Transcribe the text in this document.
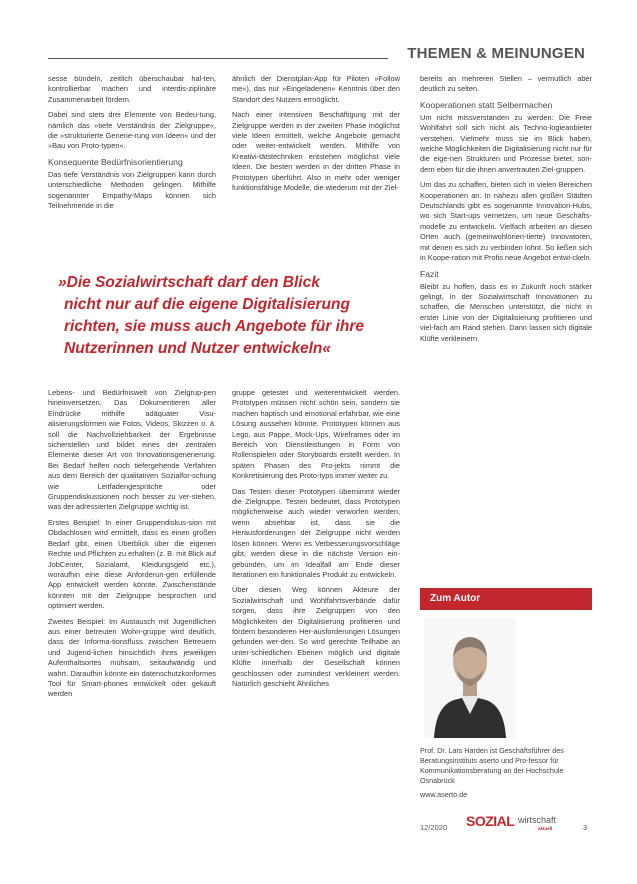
THEMEN & MEINUNGEN

sesse bündeln, zeitlich überschaubar hal-ten, kontrollierbar machen und interdis-ziplinäre Zusammenarbeit fördern.

Dabei sind stets drei Elemente von Bedeu-tung, nämlich das »tiefe Verständnis der Zielgruppe«, die »strukturierte Generie-rung von Ideen« und der »Bau von Proto-typen«.

Konsequente Bedürfnisorientierung

Das tiefe Verständnis von Zielgruppen kann durch unterschiedliche Methoden gelingen. Mithilfe sogenannter Empathy-Maps können sich Teilnehmende in die

ähnlich der Dienstplan-App für Piloten »Follow me«), das nur »Eingeladenen« Kenntnis über den Standort des Nutzers ermöglicht.

Nach einer intensiven Beschäftigung mit der Zielgruppe werden in der zweiten Phase möglichst viele Ideen ermittelt, welche Angebote gemacht oder weiter-entwickelt werden. Mithilfe von Kreativi-tätstechniken entstehen möglichst viele Ideen. Die besten werden in der dritten Phase in Prototypen überführt. Also in mehr oder weniger funktionsfähige Modelle, die wiederum mit der Ziel-

bereits an mehreren Stellen – vermutlich aber deutlich zu selten.

Kooperationen statt Selbermachen

Um nicht missverstanden zu werden: Die Freie Wohlfahrt soll sich nicht als Techno-logieanbieter verstehen. Vielmehr muss sie im Blick haben, welche Möglichkeiten die Digitalisierung nicht nur für die eige-nen Strukturen und Prozesse bietet, son-dern eben für die ihnen anvertrauten Ziel-gruppen.

Um das zu schaffen, bieten sich in vielen Bereichen Kooperationen an. In nahezu allen großen Städten Deutschlands gibt es sogenannte Innovation-Hubs, wo sich Start-ups vernetzen, um neue Geschäfts-modelle zu entwickeln. Vielfach arbeiten an diesen Orten auch (gemeinwohlorien-tierte) Innovatoren, mit denen es sich zu verbinden lohnt. So ließen sich in Koope-ration mit Profis neue Angebot entwi-ckeln.

Fazit

Bleibt zu hoffen, dass es in Zukunft noch stärker gelingt, in der Sozialwirtschaft Innovationen zu schaffen, die Menschen unterstützt, die nicht in erster Linie von der Digitalisierung profitieren und viel-fach am Rand stehen. Dann lassen sich digitale Klüfte verkleinern.

»Die Sozialwirtschaft darf den Blick
nicht nur auf die eigene Digitalisierung
richten, sie muss auch Angebote für ihre
Nutzerinnen und Nutzer entwickeln«

Lebens- und Bedürfniswelt von Zielgrup-pen hineinversetzen. Das Dokumentieren aller Eindrücke mithilfe adäquater Visu-alisierungsformen wie Fotos, Videos, Skizzen o. ä. soll die Nachvollziehbarkeit der Ergebnisse sicherstellen und bildet eines der zentralen Elemente dieser Art von Innovationsgenerierung. Bei Bedarf helfen noch tiefergehende Verfahren aus dem Bereich der qualitativen Sozialfor-schung wie Leitfadengespräche oder Gruppendiskussionen noch besser zu ver-stehen, was der adressierten Zielgruppe wichtig ist.

Erstes Beispiel: In einer Gruppendiskus-sion mit Obdachlosen wird ermittelt, dass es einen großen Bedarf gibt, einen Überblick über die eigenen Rechte und Pflichten zu erhalten (z. B. mit Blick auf JobCenter, Sozialamt, Kleidungsgeld etc.), woraufhin eine diese Anforderun-gen erfüllende App entwickelt werden könnte. Zwischenstände könnten mit der Zielgruppe besprochen und optimiert werden.

Zweites Beispiel: Im Austausch mit Jugendlichen aus einer betreuten Wohn-gruppe wird deutlich, dass der Informa-tionsfluss zwischen Betreuern und Jugend-lichen hinsichtlich ihres jeweiligen Aufenthaltsortes mühsam, seitaufwändig und wahrt. Daraufhin könnte ein datenschutzkonformes Tool für Smart-phones entwickelt oder gekauft werden

gruppe getestet und weiterentwickelt werden. Prototypen müssen nicht schön sein, sondern sie machen haptisch und emotional erfahrbar, wie eine Lösung aussehen könnte. Prototypen können aus Lego, aus Pappe, Mock-Ups, Wireframes oder im Bereich von Dienstleistungen in Form von Rollenspielen oder Storyboards erstellt werden. In späten Phasen des Pro-jekts nimmt die Konkretisierung des Proto-typs immer weiter zu.

Das Testen dieser Prototypen übernimmt wieder die Zielgruppe. Testen bedeutet, dass Prototypen möglicherweise auch wieder verworfen werden, wenn absehbar ist, dass sie die Herausforderungen der Zielgruppe nicht werden lösen können. Wenn es Verbesserungsvorschläge gibt, werden diese in die nächste Version ein-gebunden, um im Idealfall am Ende dieser Iterationen ein funktionales Produkt zu entwickeln.

Über diesen Weg können Akteure der Sozialwirtschaft und Wohlfahrtsverbände dafür sorgen, dass ihre Zielgruppen von den Möglichkeiten der Digitalisierung profitieren und fördern besonderen Her-ausforderungen Lösungen gefunden wer-den. So wird gerechte Teilhabe an unter-schiedlichen Ebenen möglich und digitale Klüfte innerhalb der Gesellschaft können geschlossen oder zumindest verkleinert werden. Natürlich geschieht Ähnliches

Zum Autor
Prof. Dr. Lars Harden ist Geschäftsführer des Beratungsinstituts aserto und Pro-fessor für Kommunikationsberatung an der Hochschule Osnabrück
www.aserto.de
12/2020 SOZIAL wirtschaft
aktuell	3
